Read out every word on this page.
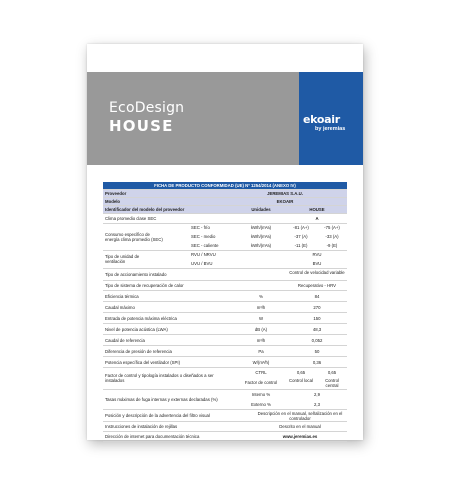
EcoDesign
HOUSE	ekoair
by jeremias
FICHA DE PRODUCTO CONFORMIDAD (UE) Nº 1254/2014 (ANEXO IV)
Proveedor	JEREMIAS S.A.U.
Modelo	EKOAIR
Identificador del modelo del proveedor	Unidades	HOUSE
Clima promedio clase SEC	A
Consumo específico de energía clima promedio (SEC)
SEC - frío	kWh/(m²a)	-81 (A+)	-75 (A+)
SEC - medio	kWh/(m²a)	-37 (A)	-33 (A)
SEC - caliente	kWh/(m²a)	-11 (E)	-9 (E)
Tipo de unidad de ventilación
RVU / NRVU	RVU
UVU / BVU	BVU
Tipo de accionamiento instalado	Control de velocidad variable
Tipo de sistema de recuperación de calor	Recuperativo - HRV
Eficiencia térmica	%	84
Caudal máximo	m³/h	270
Entrada de potencia máxima eléctrica	W	150
Nivel de potencia acústica (LWA)	dB (A)	48,3
Caudal de referencia	m³/h	0,052
Diferencia de presión de referencia	Pa	50
Potencia específica del ventilador (SPI)	W/(m³/h)	0,36
Factor de control y tipología instalados o diseñados a ser instalados
CTRL	0,65	0,65
Factor de control	Control local	Control central
Tasas máximas de fuga internas y externas declaradas (%)
Interno %	2,9
Externo %	2,3
Posición y descripción de la advertencia del filtro visual	Descripción en el manual, señalización en el controlador
Instrucciones de instalación de rejillas	Descrito en el manual
Dirección de internet para documentación técnica	www.jeremias.es
